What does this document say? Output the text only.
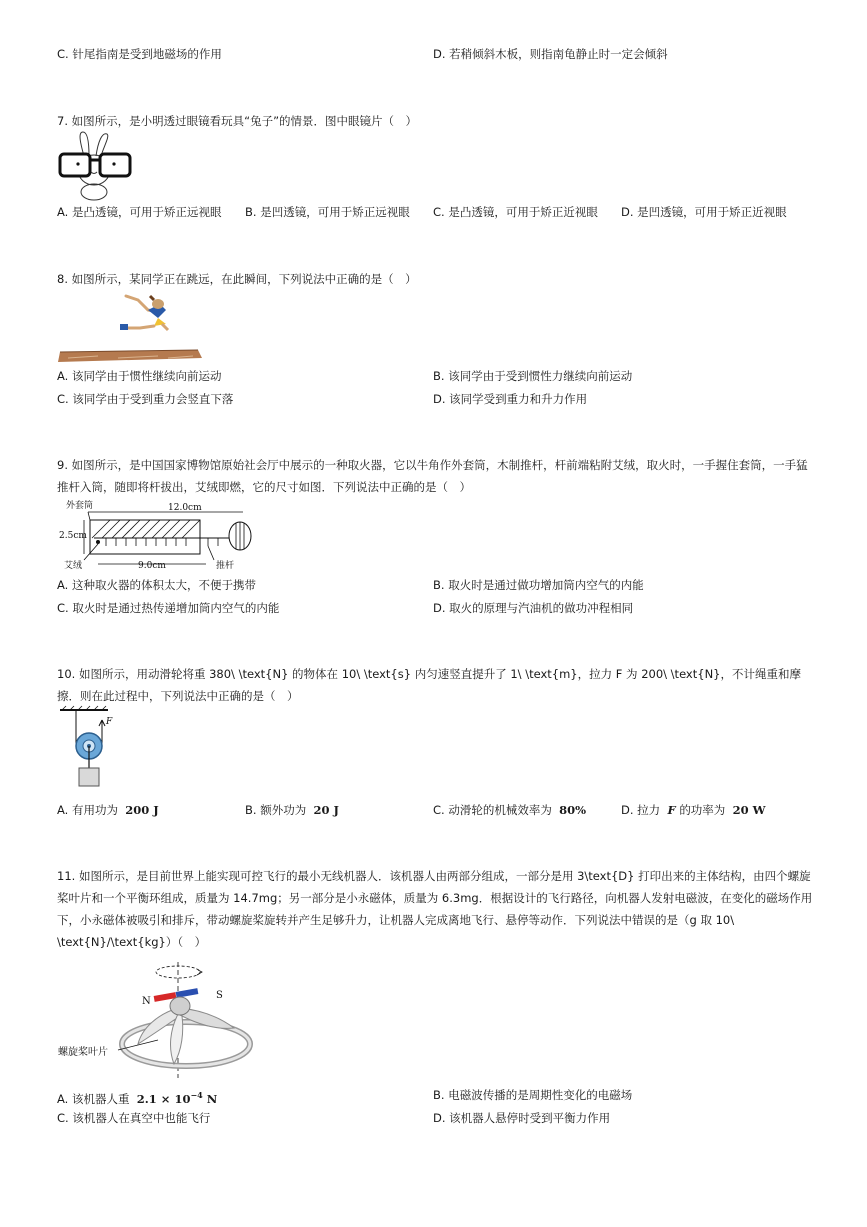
C. 针尾指南是受到地磁场的作用	D. 若稍倾斜木板，则指南龟静止时一定会倾斜
7. 如图所示，是小明透过眼镜看玩具“兔子”的情景．图中眼镜片（　）
A. 是凸透镜，可用于矫正远视眼 B. 是凹透镜，可用于矫正远视眼 C. 是凸透镜，可用于矫正近视眼 D. 是凹透镜，可用于矫正近视眼
8. 如图所示，某同学正在跳远，在此瞬间，下列说法中正确的是（　）
A. 该同学由于惯性继续向前运动	B. 该同学由于受到惯性力继续向前运动
C. 该同学由于受到重力会竖直下落	D. 该同学受到重力和升力作用
9. 如图所示，是中国国家博物馆原始社会厅中展示的一种取火器，它以牛角作外套筒，木制推杆，杆前端粘附艾绒，取火时，一手握住套筒，一手猛推杆入筒，随即将杆拔出，艾绒即燃，它的尺寸如图．下列说法中正确的是（　）
外套筒	12.0cm
2.5cm
艾绒	9.0cm	推杆
A. 这种取火器的体积太大，不便于携带	B. 取火时是通过做功增加筒内空气的内能
C. 取火时是通过热传递增加筒内空气的内能	D. 取火的原理与汽油机的做功冲程相同
10. 如图所示，用动滑轮将重 380\ \text{N} 的物体在 10\ \text{s} 内匀速竖直提升了 1\ \text{m}，拉力 F 为 200\ \text{N}，不计绳重和摩擦．则在此过程中，下列说法中正确的是（　）
F
A. 有用功为 200 J	B. 额外功为 20 J	C. 动滑轮的机械效率为 80%	D. 拉力 F 的功率为 20 W
11. 如图所示，是目前世界上能实现可控飞行的最小无线机器人．该机器人由两部分组成，一部分是用 3\text{D} 打印出来的主体结构，由四个螺旋桨叶片和一个平衡环组成，质量为 14.7mg；另一部分是小永磁体，质量为 6.3mg．根据设计的飞行路径，向机器人发射电磁波，在变化的磁场作用下，小永磁体被吸引和排斥，带动螺旋桨旋转并产生足够升力，让机器人完成离地飞行、悬停等动作．下列说法中错误的是（g 取 10\ \text{N}/\text{kg}）（　）
N
S
螺旋桨叶片
A. 该机器人重 $2.1 \times 10^{-4}$ N	B. 电磁波传播的是周期性变化的电磁场
C. 该机器人在真空中也能飞行	D. 该机器人悬停时受到平衡力作用
